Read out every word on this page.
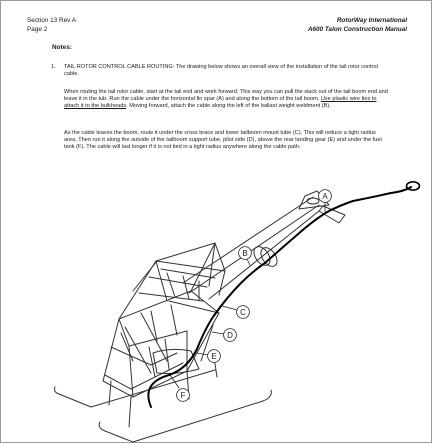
Section 13 Rev A
Page 2
RotorWay International
A600 Talon Construction Manual
Notes:

1. TAIL ROTOR CONTROL CABLE ROUTING: The drawing below shows an overall view of the installation of the tail rotor control cable.

When routing the tail rotor cable, start at the tail end and work forward. This way you can pull the slack out of the tail boom end and leave it in the tub. Run the cable under the horizontal fin spar (A) and along the bottom of the tail boom. Use plastic wire ties to attach it to the bulkheads. Moving forward, attach the cable along the left of the ballast weight weldment (B).

As the cable leaves the boom, route it under the cross brace and lower tailboom mount tube (C). This will reduce a tight radius area. Then run it along the outside of the tailboom support tube, pilot side (D), above the rear landing gear (E) and under the fuel tank (F). The cable will last longer if it is not tied in a tight radius anywhere along the cable path.

A
B
C
D
E
F
